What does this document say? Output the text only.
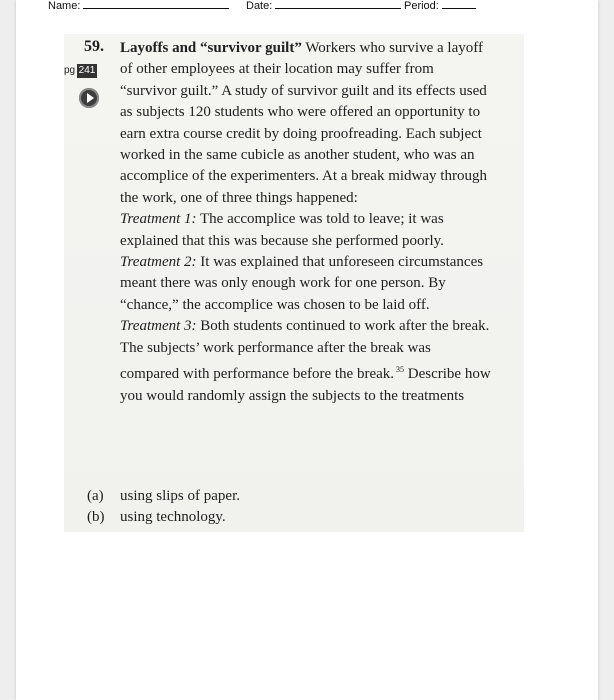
Name:	Date:	Period:
59.
pg 241

Layoffs and “survivor guilt” Workers who survive a layoff of other employees at their location may suffer from “survivor guilt.” A study of survivor guilt and its effects used as subjects 120 students who were offered an opportunity to earn extra course credit by doing proofreading. Each subject worked in the same cubicle as another student, who was an accomplice of the experimenters. At a break midway through the work, one of three things happened:

Treatment 1: The accomplice was told to leave; it was explained that this was because she performed poorly.

Treatment 2: It was explained that unforeseen circumstances meant there was only enough work for one person. By “chance,” the accomplice was chosen to be laid off.

Treatment 3: Both students continued to work after the break.

The subjects’ work performance after the break was compared with performance before the break. $^{35}$ Describe how you would randomly assign the subjects to the treatments

(a) using slips of paper.
(b) using technology.
